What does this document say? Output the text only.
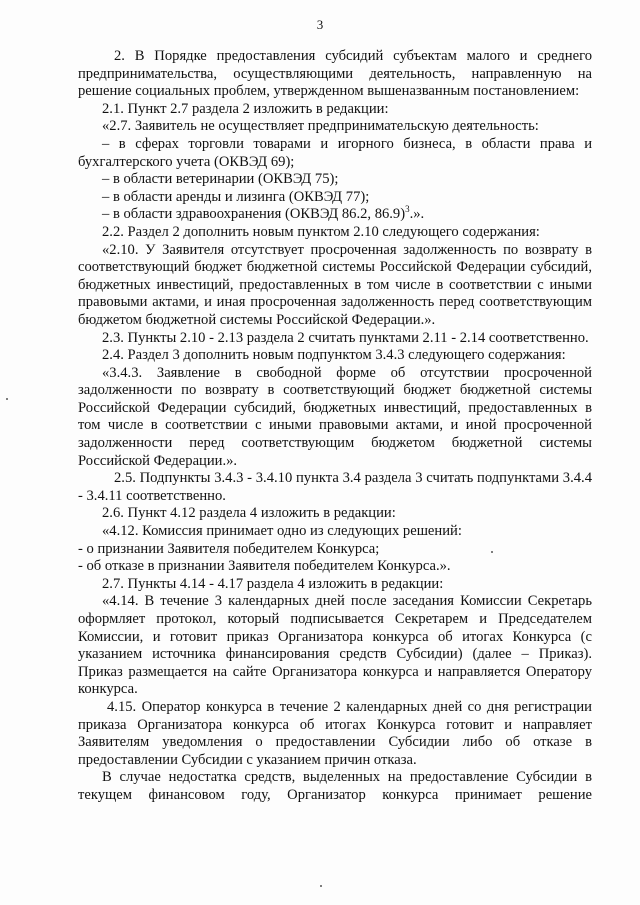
3

2. В Порядке предоставления субсидий субъектам малого и среднего предпринимательства, осуществляющими деятельность, направленную на решение социальных проблем, утвержденном вышеназванным постановлением:

2.1. Пункт 2.7 раздела 2 изложить в редакции:

«2.7. Заявитель не осуществляет предпринимательскую деятельность:

– в сферах торговли товарами и игорного бизнеса, в области права и бухгалтерского учета (ОКВЭД 69);

– в области ветеринарии (ОКВЭД 75);

– в области аренды и лизинга (ОКВЭД 77);

– в области здравоохранения (ОКВЭД 86.2, 86.9)$^3$.».

2.2. Раздел 2 дополнить новым пунктом 2.10 следующего содержания:

«2.10. У Заявителя отсутствует просроченная задолженность по возврату в соответствующий бюджет бюджетной системы Российской Федерации субсидий, бюджетных инвестиций, предоставленных в том числе в соответствии с иными правовыми актами, и иная просроченная задолженность перед соответствующим бюджетом бюджетной системы Российской Федерации.».

2.3. Пункты 2.10 - 2.13 раздела 2 считать пунктами 2.11 - 2.14 соответственно.

2.4. Раздел 3 дополнить новым подпунктом 3.4.3 следующего содержания:

«3.4.3. Заявление в свободной форме об отсутствии просроченной задолженности по возврату в соответствующий бюджет бюджетной системы Российской Федерации субсидий, бюджетных инвестиций, предоставленных в том числе в соответствии с иными правовыми актами, и иной просроченной задолженности перед соответствующим бюджетом бюджетной системы Российской Федерации.».

2.5. Подпункты 3.4.3 - 3.4.10 пункта 3.4 раздела 3 считать подпунктами 3.4.4 - 3.4.11 соответственно.

2.6. Пункт 4.12 раздела 4 изложить в редакции:

«4.12. Комиссия принимает одно из следующих решений:

- о признании Заявителя победителем Конкурса;

- об отказе в признании Заявителя победителем Конкурса.».

2.7. Пункты 4.14 - 4.17 раздела 4 изложить в редакции:

«4.14. В течение 3 календарных дней после заседания Комиссии Секретарь оформляет протокол, который подписывается Секретарем и Председателем Комиссии, и готовит приказ Организатора конкурса об итогах Конкурса (с указанием источника финансирования средств Субсидии) (далее – Приказ). Приказ размещается на сайте Организатора конкурса и направляется Оператору конкурса.

4.15. Оператор конкурса в течение 2 календарных дней со дня регистрации приказа Организатора конкурса об итогах Конкурса готовит и направляет Заявителям уведомления о предоставлении Субсидии либо об отказе в предоставлении Субсидии с указанием причин отказа.

В случае недостатка средств, выделенных на предоставление Субсидии в текущем финансовом году, Организатор конкурса принимает решение
